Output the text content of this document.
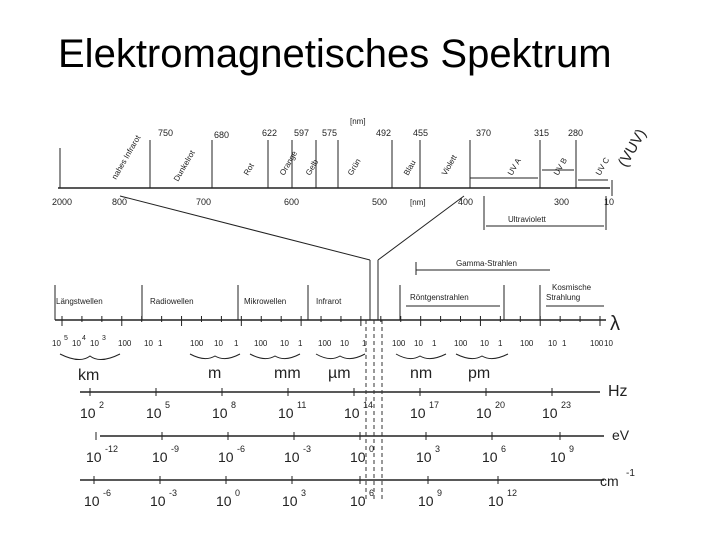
Elektromagnetisches Spektrum
10
5
10
4
10
3
100 10 1	100 10 1 100 10 1 100 10 1	100 10 1 100 10 1 100 10 1	100 10
10 2	10 5	10 8	10 11	10 14	10 17	10 20	10 23
10 -12 10 -9	10 -6	10 -3	10 0	10 3	10 6	10 9
10 -6	10 -3	10 0	10 3	10 6	10 9	10 12
750	680	622 597 575	492 455	370	315 280
[nm]
nahes Infrarot	Dunkelrot	Rot	Orange Gelb	Grün	Blau	Violett	UV A	UV B	UV C (VUV)
2000	800	700	600	500	400	300	10
[nm]
Ultraviolett
Gamma-Strahlen
Längstwellen	Radiowellen	Mikrowellen	Infrarot	Röntgenstrahlen
Kosmische
Strahlung
λ
km	m	mm µm	nm pm
Hz
eV
cm -1
